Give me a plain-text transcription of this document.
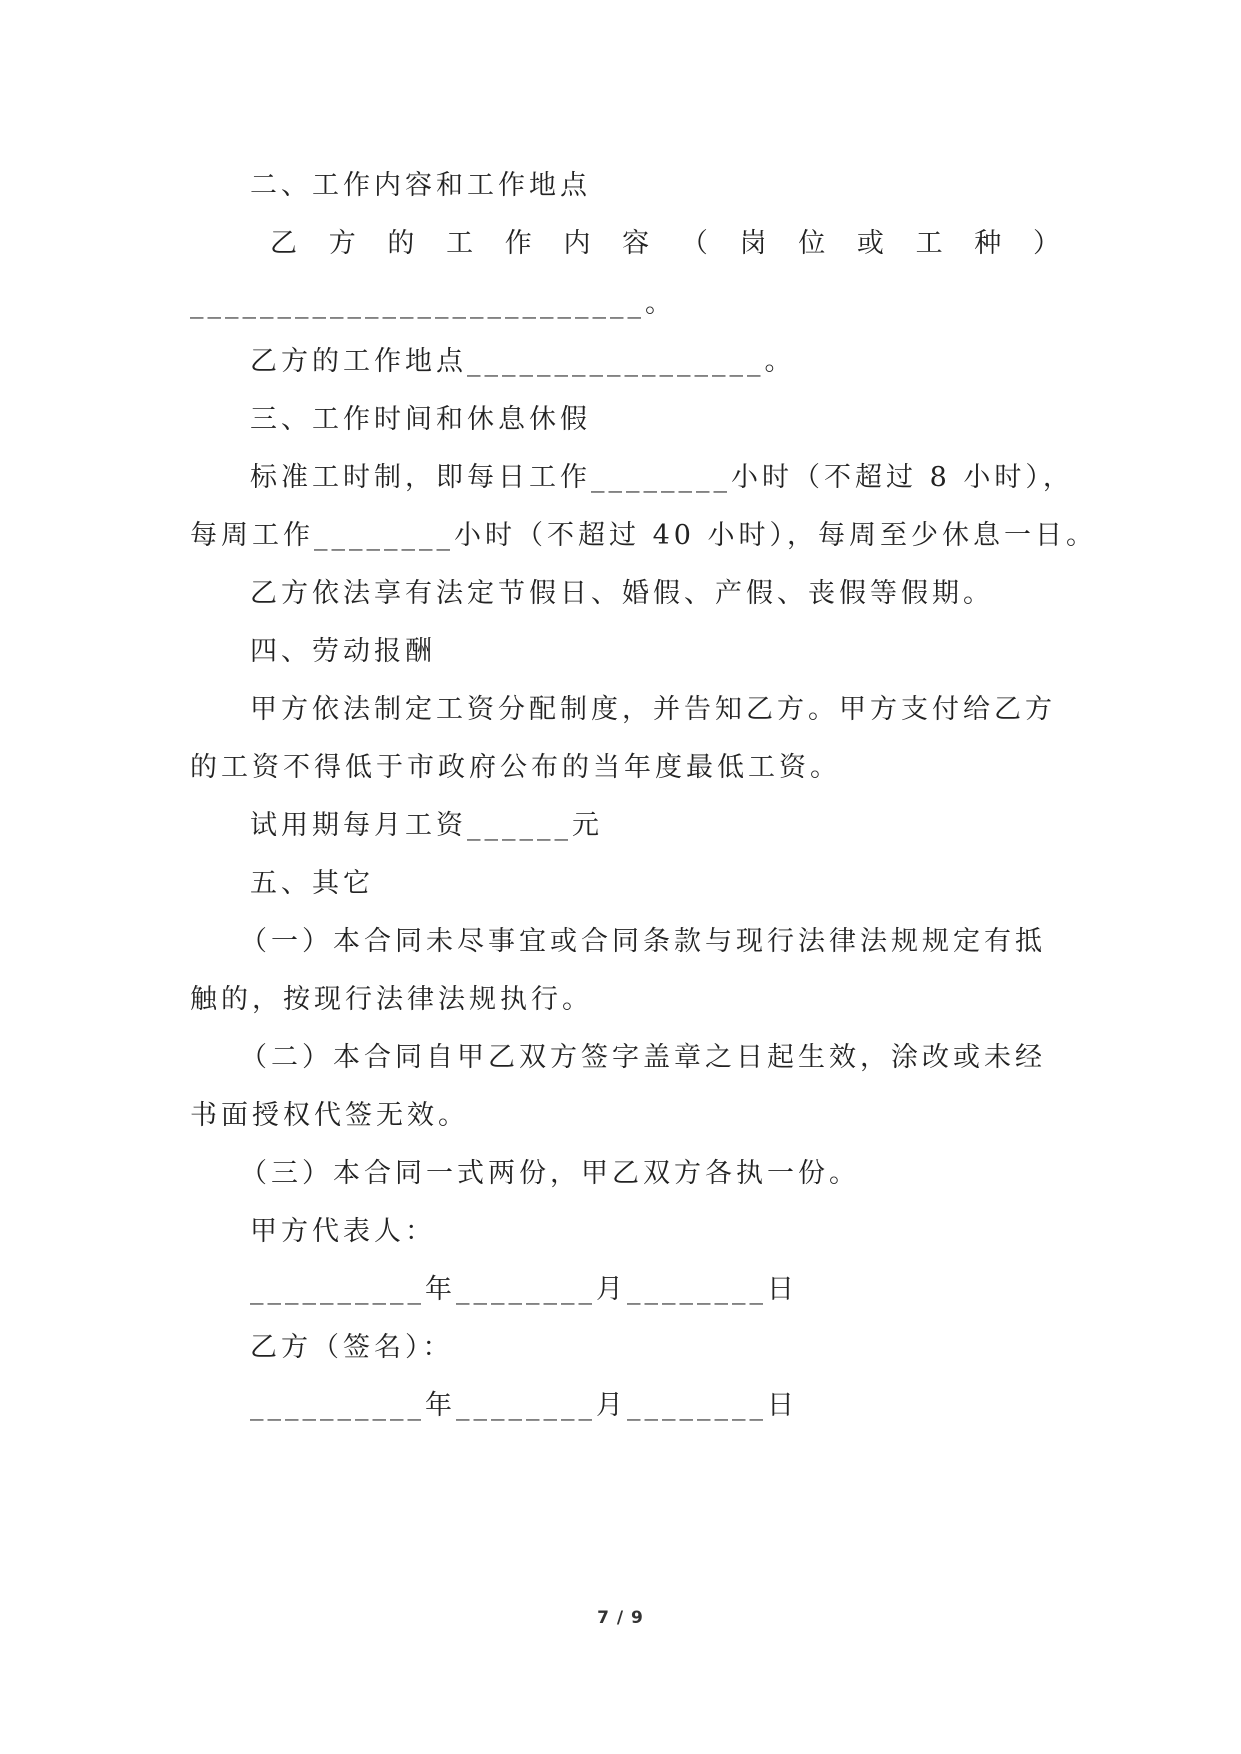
二、工作内容和工作地点
乙 方 的 工 作 内 容 （ 岗 位 或 工 种 ）
__________________________。
乙方的工作地点_________________。
三、工作时间和休息休假
标准工时制，即每日工作________小时（不超过 8 小时），
每周工作________小时（不超过 40 小时），每周至少休息一日。
乙方依法享有法定节假日、婚假、产假、丧假等假期。
四、劳动报酬
甲方依法制定工资分配制度，并告知乙方。甲方支付给乙方
的工资不得低于市政府公布的当年度最低工资。
试用期每月工资______元
五、其它
（一）本合同未尽事宜或合同条款与现行法律法规规定有抵
触的，按现行法律法规执行。
（二）本合同自甲乙双方签字盖章之日起生效，涂改或未经
书面授权代签无效。
（三）本合同一式两份，甲乙双方各执一份。
甲方代表人：
__________年________月________日
乙方（签名）：
__________年________月________日
7 / 9
